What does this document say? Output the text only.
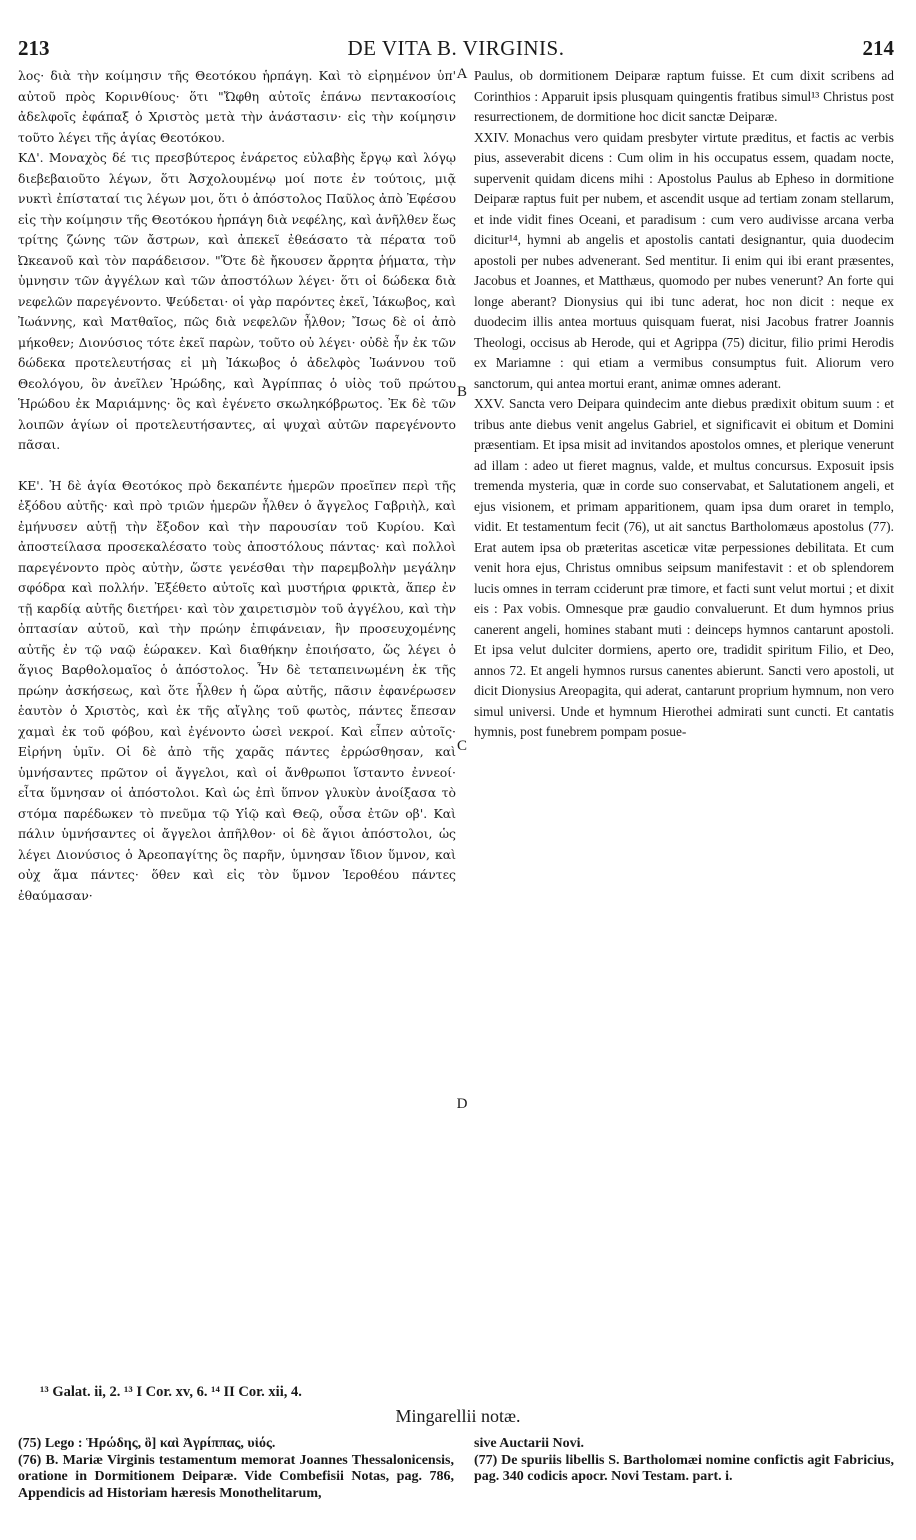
213	DE VITA B. VIRGINIS.	214

λος· διὰ τὴν κοίμησιν τῆς Θεοτόκου ἡρπάγη. Καὶ τὸ εἰρημένον ὑπ' αὐτοῦ πρὸς Κορινθίους· ὅτι "Ὤφθη αὐτοῖς ἐπάνω πεντακοσίοις ἀδελφοῖς ἐφάπαξ ὁ Χριστὸς μετὰ τὴν ἀνάστασιν· εἰς τὴν κοίμησιν τοῦτο λέγει τῆς ἁγίας Θεοτόκου.

ΚΔ'. Μοναχὸς δέ τις πρεσβύτερος ἐνάρετος εὐλαβὴς ἔργῳ καὶ λόγῳ διεβεβαιοῦτο λέγων, ὅτι Ἀσχολουμένῳ μοί ποτε ἐν τούτοις, μιᾷ νυκτὶ ἐπίσταταί τις λέγων μοι, ὅτι ὁ ἀπόστολος Παῦλος ἀπὸ Ἐφέσου εἰς τὴν κοίμησιν τῆς Θεοτόκου ἡρπάγη διὰ νεφέλης, καὶ ἀνῆλθεν ἕως τρίτης ζώνης τῶν ἄστρων, καὶ ἀπεκεῖ ἐθεάσατο τὰ πέρατα τοῦ Ὠκεανοῦ καὶ τὸν παράδεισον. "Ὅτε δὲ ἤκουσεν ἄρρητα ῥήματα, τὴν ὑμνησιν τῶν ἀγγέλων καὶ τῶν ἀποστόλων λέγει· ὅτι οἱ δώδεκα διὰ νεφελῶν παρεγένοντο. Ψεύδεται· οἱ γὰρ παρόντες ἐκεῖ, Ἰάκωβος, καὶ Ἰωάννης, καὶ Ματθαῖος, πῶς διὰ νεφελῶν ἦλθον; Ἴσως δὲ οἱ ἀπὸ μήκοθεν; Διονύσιος τότε ἐκεῖ παρὼν, τοῦτο οὐ λέγει· οὐδὲ ἦν ἐκ τῶν δώδεκα προτελευτήσας εἰ μὴ Ἰάκωβος ὁ ἀδελφὸς Ἰωάννου τοῦ Θεολόγου, ὃν ἀνεῖλεν Ἡρώδης, καὶ Ἀγρίππας ὁ υἱὸς τοῦ πρώτου Ἡρώδου ἐκ Μαριάμνης· ὃς καὶ ἐγένετο σκωληκόβρωτος. Ἐκ δὲ τῶν λοιπῶν ἁγίων οἱ προτελευτήσαντες, αἱ ψυχαὶ αὐτῶν παρεγένοντο πᾶσαι.

ΚΕ'. Ἡ δὲ ἁγία Θεοτόκος πρὸ δεκαπέντε ἡμερῶν προεῖπεν περὶ τῆς ἐξόδου αὐτῆς· καὶ πρὸ τριῶν ἡμερῶν ἦλθεν ὁ ἄγγελος Γαβριὴλ, καὶ ἐμήνυσεν αὐτῇ τὴν ἔξοδον καὶ τὴν παρουσίαν τοῦ Κυρίου. Καὶ ἀποστείλασα προσεκαλέσατο τοὺς ἀποστόλους πάντας· καὶ πολλοὶ παρεγένοντο πρὸς αὐτὴν, ὥστε γενέσθαι τὴν παρεμβολὴν μεγάλην σφόδρα καὶ πολλήν. Ἐξέθετο αὐτοῖς καὶ μυστήρια φρικτὰ, ἅπερ ἐν τῇ καρδίᾳ αὐτῆς διετήρει· καὶ τὸν χαιρετισμὸν τοῦ ἀγγέλου, καὶ τὴν ὀπτασίαν αὐτοῦ, καὶ τὴν πρώην ἐπιφάνειαν, ἣν προσευχομένης αὐτῆς ἐν τῷ ναῷ ἑώρακεν. Καὶ διαθήκην ἐποιήσατο, ὥς λέγει ὁ ἅγιος Βαρθολομαῖος ὁ ἀπόστολος. Ἦν δὲ τεταπεινωμένη ἐκ τῆς πρώην ἀσκήσεως, καὶ ὅτε ἦλθεν ἡ ὥρα αὐτῆς, πᾶσιν ἐφανέρωσεν ἑαυτὸν ὁ Χριστὸς, καὶ ἐκ τῆς αἴγλης τοῦ φωτὸς, πάντες ἔπεσαν χαμαὶ ἐκ τοῦ φόβου, καὶ ἐγένοντο ὡσεὶ νεκροί. Καὶ εἶπεν αὐτοῖς· Εἰρήνη ὑμῖν. Οἱ δὲ ἀπὸ τῆς χαρᾶς πάντες ἐρρώσθησαν, καὶ ὑμνήσαντες πρῶτον οἱ ἄγγελοι, καὶ οἱ ἄνθρωποι ἵσταντο ἐννεοί· εἶτα ὕμνησαν οἱ ἀπόστολοι. Καὶ ὡς ἐπὶ ὕπνον γλυκὺν ἀνοίξασα τὸ στόμα παρέδωκεν τὸ πνεῦμα τῷ Υἱῷ καὶ Θεῷ, οὖσα ἐτῶν οβ'. Καὶ πάλιν ὑμνήσαντες οἱ ἄγγελοι ἀπῆλθον· οἱ δὲ ἅγιοι ἀπόστολοι, ὡς λέγει Διονύσιος ὁ Ἀρεοπαγίτης ὃς παρῆν, ὑμνησαν ἴδιον ὕμνον, καὶ οὐχ ἅμα πάντες· ὅθεν καὶ εἰς τὸν ὕμνον Ἱεροθέου πάντες ἐθαύμασαν·

Paulus, ob dormitionem Deiparæ raptum fuisse. Et cum dixit scribens ad Corinthios : Apparuit ipsis plusquam quingentis fratibus simul¹³ Christus post resurrectionem, de dormitione hoc dicit sanctæ Deiparæ.

XXIV. Monachus vero quidam presbyter virtute præditus, et factis ac verbis pius, asseverabit dicens : Cum olim in his occupatus essem, quadam nocte, supervenit quidam dicens mihi : Apostolus Paulus ab Epheso in dormitione Deiparæ raptus fuit per nubem, et ascendit usque ad tertiam zonam stellarum, et inde vidit fines Oceani, et paradisum : cum vero audivisse arcana verba dicitur¹⁴, hymni ab angelis et apostolis cantati designantur, quia duodecim apostoli per nubes advenerant. Sed mentitur. Ii enim qui ibi erant præsentes, Jacobus et Joannes, et Matthæus, quomodo per nubes venerunt? An forte qui longe aberant? Dionysius qui ibi tunc aderat, hoc non dicit : neque ex duodecim illis antea mortuus quisquam fuerat, nisi Jacobus fratrer Joannis Theologi, occisus ab Herode, qui et Agrippa (75) dicitur, filio primi Herodis ex Mariamne : qui etiam a vermibus consumptus fuit. Aliorum vero sanctorum, qui antea mortui erant, animæ omnes aderant.

XXV. Sancta vero Deipara quindecim ante diebus prædixit obitum suum : et tribus ante diebus venit angelus Gabriel, et significavit ei obitum et Domini præsentiam. Et ipsa misit ad invitandos apostolos omnes, et plerique venerunt ad illam : adeo ut fieret magnus, valde, et multus concursus. Exposuit ipsis tremenda mysteria, quæ in corde suo conservabat, et Salutationem angeli, et ejus visionem, et primam apparitionem, quam ipsa dum oraret in templo, vidit. Et testamentum fecit (76), ut ait sanctus Bartholomæus apostolus (77). Erat autem ipsa ob præteritas asceticæ vitæ perpessiones debilitata. Et cum venit hora ejus, Christus omnibus seipsum manifestavit : et ob splendorem lucis omnes in terram cciderunt præ timore, et facti sunt velut mortui ; et dixit eis : Pax vobis. Omnesque præ gaudio convaluerunt. Et dum hymnos prius canerent angeli, homines stabant muti : deinceps hymnos cantarunt apostoli. Et ipsa velut dulciter dormiens, aperto ore, tradidit spiritum Filio, et Deo, annos 72. Et angeli hymnos rursus canentes abierunt. Sancti vero apostoli, ut dicit Dionysius Areopagita, qui aderat, cantarunt proprium hymnum, non vero simul universi. Unde et hymnum Hierothei admirati sunt cuncti. Et cantatis hymnis, post funebrem pompam posue-

A
B
C
D
¹³ Galat. ii, 2. ¹³ I Cor. xv, 6. ¹⁴ II Cor. xii, 4.
Mingarellii notæ.

(75) Lego : Ἡρώδης, ὃ] καὶ Ἀγρίππας, υἱός.

(76) B. Mariæ Virginis testamentum memorat Joannes Thessalonicensis, oratione in Dormitionem Deiparæ. Vide Combefisii Notas, pag. 786, Appendicis ad Historiam hæresis Monothelitarum,

sive Auctarii Novi.

(77) De spuriis libellis S. Bartholomæi nomine confictis agit Fabricius, pag. 340 codicis apocr. Novi Testam. part. i.
